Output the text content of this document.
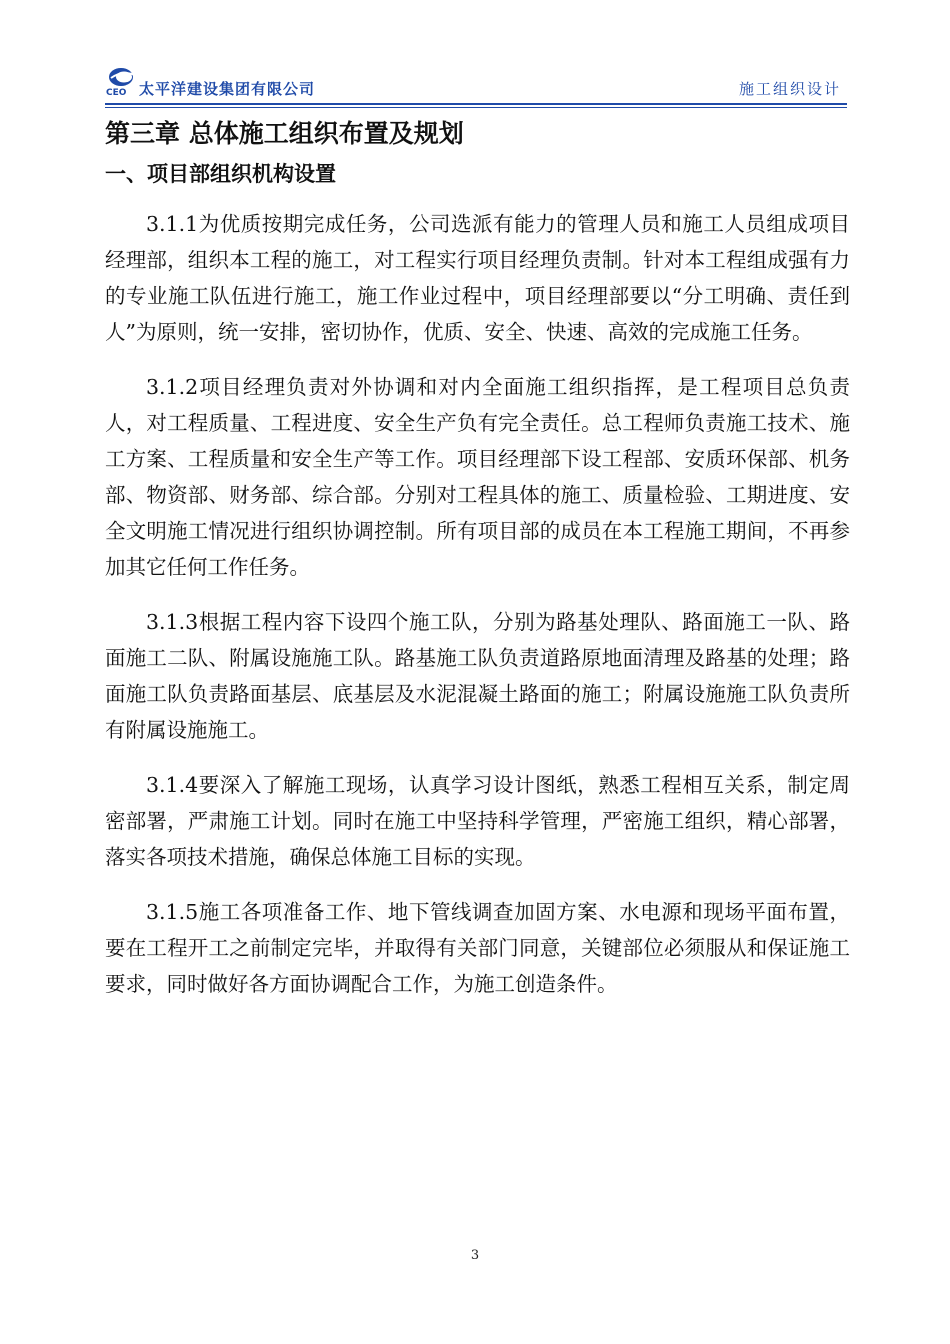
CEO 太平洋建设集团有限公司	施工组织设计
第三章 总体施工组织布置及规划
一、项目部组织机构设置

3.1.1为优质按期完成任务，公司选派有能力的管理人员和施工人员组成项目经理部，组织本工程的施工，对工程实行项目经理负责制。针对本工程组成强有力的专业施工队伍进行施工，施工作业过程中，项目经理部要以“分工明确、责任到人”为原则，统一安排，密切协作，优质、安全、快速、高效的完成施工任务。

3.1.2项目经理负责对外协调和对内全面施工组织指挥，是工程项目总负责人，对工程质量、工程进度、安全生产负有完全责任。总工程师负责施工技术、施工方案、工程质量和安全生产等工作。项目经理部下设工程部、安质环保部、机务部、物资部、财务部、综合部。分别对工程具体的施工、质量检验、工期进度、安全文明施工情况进行组织协调控制。所有项目部的成员在本工程施工期间，不再参加其它任何工作任务。

3.1.3根据工程内容下设四个施工队，分别为路基处理队、路面施工一队、路面施工二队、附属设施施工队。路基施工队负责道路原地面清理及路基的处理；路面施工队负责路面基层、底基层及水泥混凝土路面的施工；附属设施施工队负责所有附属设施施工。

3.1.4要深入了解施工现场，认真学习设计图纸，熟悉工程相互关系，制定周密部署，严肃施工计划。同时在施工中坚持科学管理，严密施工组织，精心部署，落实各项技术措施，确保总体施工目标的实现。

3.1.5施工各项准备工作、地下管线调查加固方案、水电源和现场平面布置，要在工程开工之前制定完毕，并取得有关部门同意，关键部位必须服从和保证施工要求，同时做好各方面协调配合工作，为施工创造条件。

3
